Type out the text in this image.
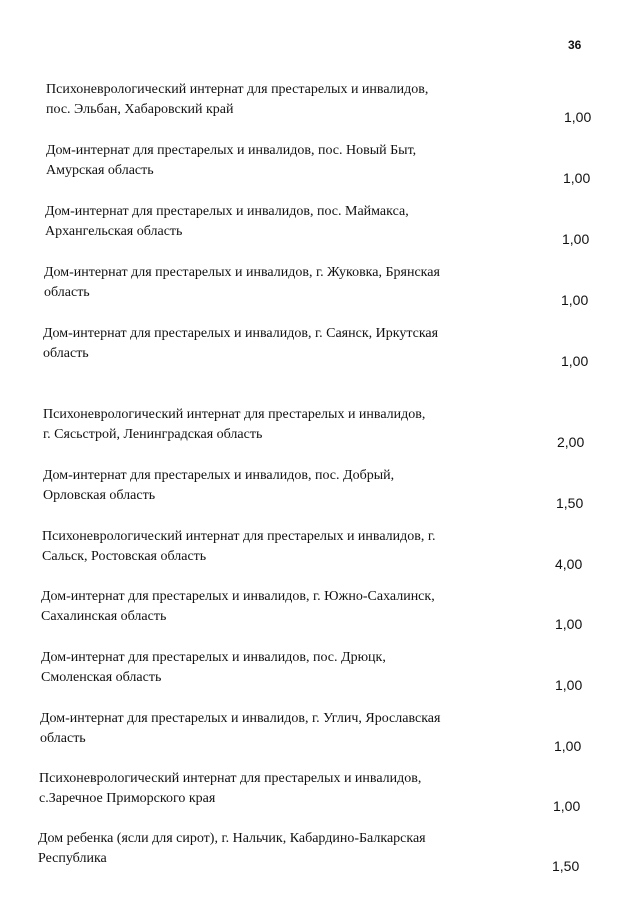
36
Психоневрологический интернат для престарелых и инвалидов,
пос. Эльбан, Хабаровский край	1,00
Дом-интернат для престарелых и инвалидов, пос. Новый Быт,
Амурская область	1,00
Дом-интернат для престарелых и инвалидов, пос. Маймакса,
Архангельская область	1,00
Дом-интернат для престарелых и инвалидов, г. Жуковка, Брянская
область	1,00
Дом-интернат для престарелых и инвалидов, г. Саянск, Иркутская
область	1,00
Психоневрологический интернат для престарелых и инвалидов,
г. Сясьстрой, Ленинградская область	2,00
Дом-интернат для престарелых и инвалидов, пос. Добрый,
Орловская область	1,50
Психоневрологический интернат для престарелых и инвалидов, г.
Сальск, Ростовская область	4,00
Дом-интернат для престарелых и инвалидов, г. Южно-Сахалинск,
Сахалинская область	1,00
Дом-интернат для престарелых и инвалидов, пос. Дрюцк,
Смоленская область	1,00
Дом-интернат для престарелых и инвалидов, г. Углич, Ярославская
область	1,00
Психоневрологический интернат для престарелых и инвалидов,
с.Заречное Приморского края	1,00
Дом ребенка (ясли для сирот), г. Нальчик, Кабардино-Балкарская
Республика	1,50
